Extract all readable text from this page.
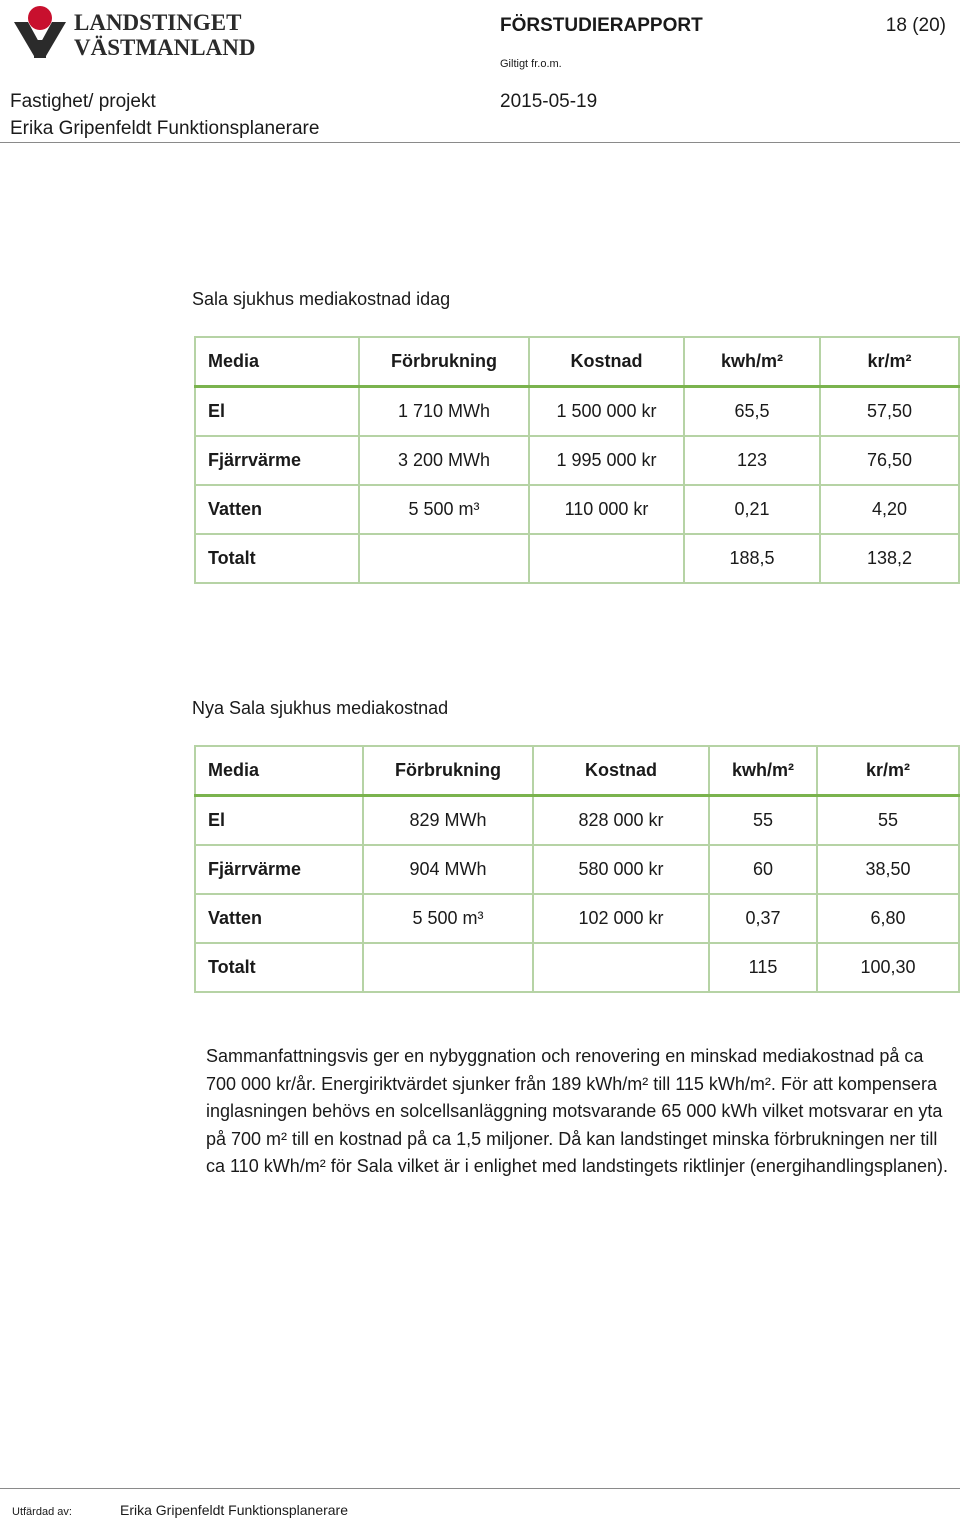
LANDSTINGET
VÄSTMANLAND
FÖRSTUDIERAPPORT	18 (20)
Giltigt fr.o.m.
Fastighet/ projekt	2015-05-19
Erika Gripenfeldt Funktionsplanerare
Sala sjukhus mediakostnad idag
Media	Förbrukning	Kostnad	kwh/m²	kr/m²
El	1 710 MWh	1 500 000 kr	65,5	57,50
Fjärrvärme	3 200 MWh	1 995 000 kr	123	76,50
Vatten	5 500 m³	110 000 kr	0,21	4,20
Totalt			188,5	138,2
Nya Sala sjukhus mediakostnad
Media	Förbrukning	Kostnad	kwh/m²	kr/m²
El	829 MWh	828 000 kr	55	55
Fjärrvärme	904 MWh	580 000 kr	60	38,50
Vatten	5 500 m³	102 000 kr	0,37	6,80
Totalt			115	100,30
Sammanfattningsvis ger en nybyggnation och renovering en minskad mediakostnad på ca 700 000 kr/år. Energiriktvärdet sjunker från 189 kWh/m² till 115 kWh/m². För att kompensera inglasningen behövs en solcellsanläggning motsvarande 65 000 kWh vilket motsvarar en yta på 700 m² till en kostnad på ca 1,5 miljoner. Då kan landstinget minska förbrukningen ner till ca 110 kWh/m² för Sala vilket är i enlighet med landstingets riktlinjer (energihandlingsplanen).
Utfärdad av:	Erika Gripenfeldt Funktionsplanerare
